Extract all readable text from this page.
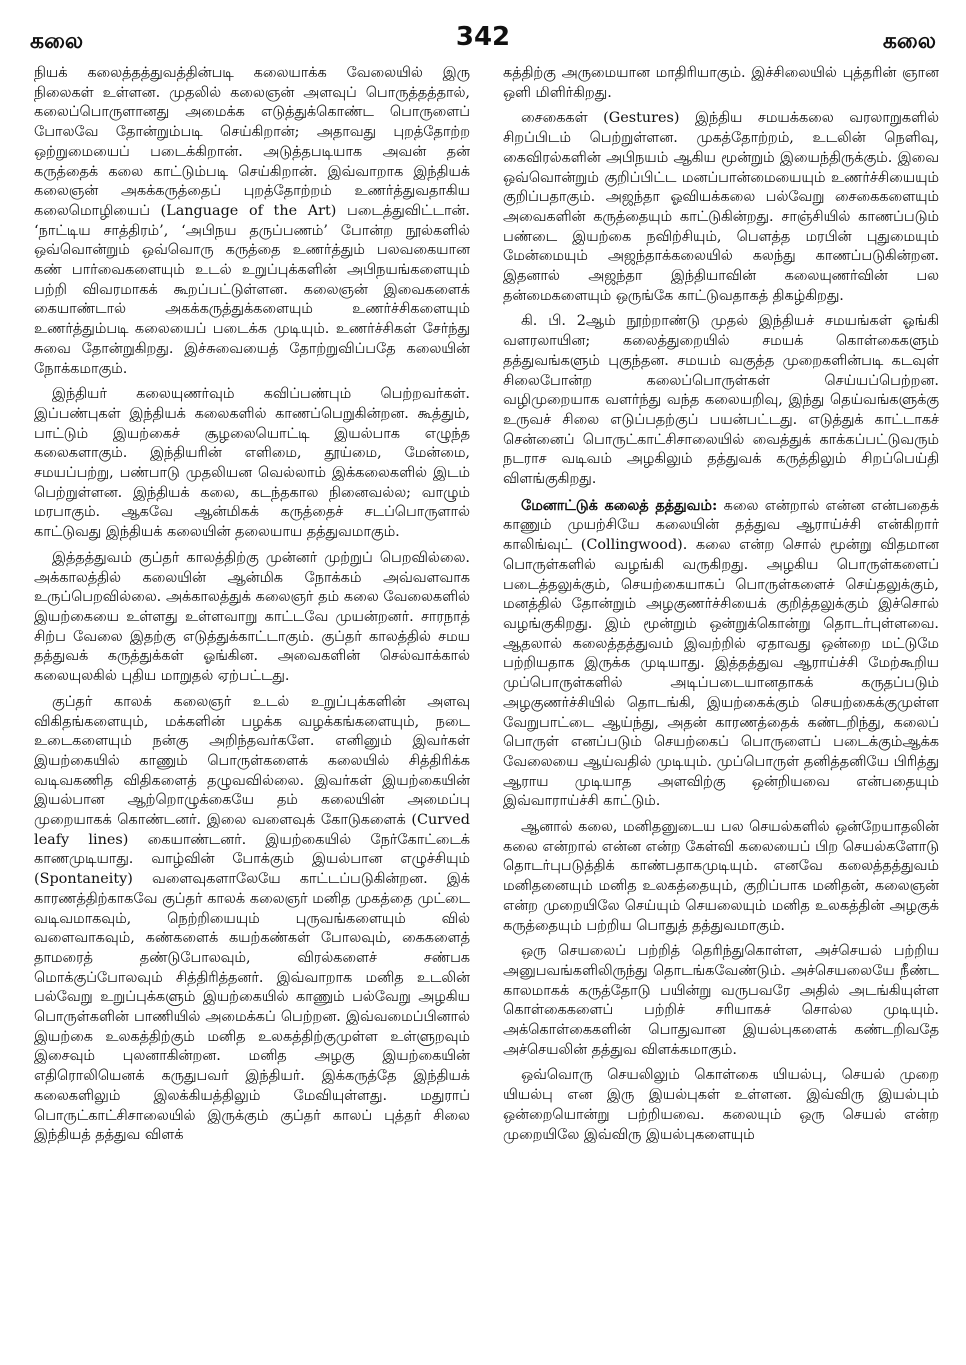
கலை	342	கலை

நியக் கலைத்தத்துவத்தின்படி கலையாக்க வேலையில் இரு நிலைகள் உள்ளன. முதலில் கலைஞன் அளவுப் பொருத்தத்தால், கலைப்பொருளானது அமைக்க எடுத்துக்கொண்ட பொருளைப் போலவே தோன்றும்படி செய்கிறான்; அதாவது புறத்தோற்ற ஒற்றுமையைப் படைக்கிறான். அடுத்தபடியாக அவன் தன் கருத்தைக் கலை காட்டும்படி செய்கிறான். இவ்வாறாக இந்தியக் கலைஞன் அகக்கருத்தைப் புறத்தோற்றம் உணர்த்துவதாகிய கலைமொழியைப் (Language of the Art) படைத்துவிட்டான். ‘நாட்டிய சாத்திரம்’, ‘அபிநய தருப்பணம்’ போன்ற நூல்களில் ஒவ்வொன்றும் ஒவ்வொரு கருத்தை உணர்த்தும் பலவகையான கண் பார்வைகளையும் உடல் உறுப்புக்களின் அபிநயங்களையும் பற்றி விவரமாகக் கூறப்பட்டுள்ளன. கலைஞன் இவைகளைக் கையாண்டால் அகக்கருத்துக்களையும் உணர்ச்சிகளையும் உணர்த்தும்படி கலையைப் படைக்க முடியும். உணர்ச்சிகள் சேர்ந்து சுவை தோன்றுகிறது. இச்சுவையைத் தோற்றுவிப்பதே கலையின் நோக்கமாகும்.

இந்தியர் கலையுணர்வும் கவிப்பண்பும் பெற்றவர்கள். இப்பண்புகள் இந்தியக் கலைகளில் காணப்பெறுகின்றன. கூத்தும், பாட்டும் இயற்கைச் சூழலையொட்டி இயல்பாக எழுந்த கலைகளாகும். இந்தியரின் எளிமை, தூய்மை, மேன்மை, சமயப்பற்று, பண்பாடு முதலியன வெல்லாம் இக்கலைகளில் இடம் பெற்றுள்ளன. இந்தியக் கலை, கடந்தகால நினைவல்ல; வாழும் மரபாகும். ஆகவே ஆன்மிகக் கருத்தைச் சடப்பொருளால் காட்டுவது இந்தியக் கலையின் தலையாய தத்துவமாகும்.

இத்தத்துவம் குப்தர் காலத்திற்கு முன்னர் முற்றுப் பெறவில்லை. அக்காலத்தில் கலையின் ஆன்மிக நோக்கம் அவ்வளவாக உருப்பெறவில்லை. அக்காலத்துக் கலைஞர் தம் கலை வேலைகளில் இயற்கையை உள்ளது உள்ளவாறு காட்டவே முயன்றனர். சாரநாத் சிற்ப வேலை இதற்கு எடுத்துக்காட்டாகும். குப்தர் காலத்தில் சமய தத்துவக் கருத்துக்கள் ஓங்கின. அவைகளின் செல்வாக்கால் கலையுலகில் புதிய மாறுதல் ஏற்பட்டது.

குப்தர் காலக் கலைஞர் உடல் உறுப்புக்களின் அளவு விகிதங்களையும், மக்களின் பழக்க வழக்கங்களையும், நடை உடைகளையும் நன்கு அறிந்தவர்களே. எனினும் இவர்கள் இயற்கையில் காணும் பொருள்களைக் கலையில் சித்திரிக்க வடிவகணித விதிகளைத் தழுவவில்லை. இவர்கள் இயற்கையின் இயல்பான ஆற்றொழுக்கையே தம் கலையின் அமைப்பு முறையாகக் கொண்டனர். இலை வளைவுக் கோடுகளைக் (Curved leafy lines) கையாண்டனர். இயற்கையில் நேர்கோட்டைக் காணமுடியாது. வாழ்வின் போக்கும் இயல்பான எழுச்சியும் (Spontaneity) வளைவுகளாலேயே காட்டப்படுகின்றன. இக் காரணத்திற்காகவே குப்தர் காலக் கலைஞர் மனித முகத்தை முட்டை வடிவமாகவும், நெற்றியையும் புருவங்களையும் வில் வளைவாகவும், கண்களைக் கயற்கண்கள் போலவும், கைகளைத் தாமரைத் தண்டுபோலவும், விரல்களைச் சண்பக மொக்குப்போலவும் சித்திரித்தனர். இவ்வாறாக மனித உடலின் பல்வேறு உறுப்புக்களும் இயற்கையில் காணும் பல்வேறு அழகிய பொருள்களின் பாணியில் அமைக்கப் பெற்றன. இவ்வமைப்பினால் இயற்கை உலகத்திற்கும் மனித உலகத்திற்குமுள்ள உள்ளுறவும் இசைவும் புலனாகின்றன. மனித அழகு இயற்கையின் எதிரொலியெனக் கருதுபவர் இந்தியர். இக்கருத்தே இந்தியக் கலைகளிலும் இலக்கியத்திலும் மேவியுள்ளது. மதுராப் பொருட்காட்சிசாலையில் இருக்கும் குப்தர் காலப் புத்தர் சிலை இந்தியத் தத்துவ விளக்

கத்திற்கு அருமையான மாதிரியாகும். இச்சிலையில் புத்தரின் ஞான ஒளி மிளிர்கிறது.

சைகைகள் (Gestures) இந்திய சமயக்கலை வரலாறுகளில் சிறப்பிடம் பெற்றுள்ளன. முகத்தோற்றம், உடலின் நெளிவு, கைவிரல்களின் அபிநயம் ஆகிய மூன்றும் இயைந்திருக்கும். இவை ஒவ்வொன்றும் குறிப்பிட்ட மனப்பான்மையையும் உணர்ச்சியையும் குறிப்பதாகும். அஜந்தா ஓவியக்கலை பல்வேறு சைகைகளையும் அவைகளின் கருத்தையும் காட்டுகின்றது. சாஞ்சியில் காணப்படும் பண்டை இயற்கை நவிற்சியும், பௌத்த மரபின் புதுமையும் மேன்மையும் அஜந்தாக்கலையில் கலந்து காணப்படுகின்றன. இதனால் அஜந்தா இந்தியாவின் கலையுணர்வின் பல தன்மைகளையும் ஒருங்கே காட்டுவதாகத் திகழ்கிறது.

கி. பி. 2ஆம் நூற்றாண்டு முதல் இந்தியச் சமயங்கள் ஓங்கி வளரலாயின; கலைத்துறையில் சமயக் கொள்கைகளும் தத்துவங்களும் புகுந்தன. சமயம் வகுத்த முறைகளின்படி கடவுள் சிலைபோன்ற கலைப்பொருள்கள் செய்யப்பெற்றன. வழிமுறையாக வளர்ந்து வந்த கலையறிவு, இந்து தெய்வங்களுக்கு உருவச் சிலை எடுப்பதற்குப் பயன்பட்டது. எடுத்துக் காட்டாகச் சென்னைப் பொருட்காட்சிசாலையில் வைத்துக் காக்கப்பட்டுவரும் நடராச வடிவம் அழகிலும் தத்துவக் கருத்திலும் சிறப்பெய்தி விளங்குகிறது.

மேனாட்டுக் கலைத் தத்துவம்: கலை என்றால் என்ன என்பதைக் காணும் முயற்சியே கலையின் தத்துவ ஆராய்ச்சி என்கிறார் காலிங்வுட் (Collingwood). கலை என்ற சொல் மூன்று விதமான பொருள்களில் வழங்கி வருகிறது. அழகிய பொருள்களைப் படைத்தலுக்கும், செயற்கையாகப் பொருள்களைச் செய்தலுக்கும், மனத்தில் தோன்றும் அழகுணர்ச்சியைக் குறித்தலுக்கும் இச்சொல் வழங்குகிறது. இம் மூன்றும் ஒன்றுக்கொன்று தொடர்புள்ளவை. ஆதலால் கலைத்தத்துவம் இவற்றில் ஏதாவது ஒன்றை மட்டுமே பற்றியதாக இருக்க முடியாது. இத்தத்துவ ஆராய்ச்சி மேற்கூறிய முப்பொருள்களில் அடிப்படையானதாகக் கருதப்படும் அழகுணர்ச்சியில் தொடங்கி, இயற்கைக்கும் செயற்கைக்குமுள்ள வேறுபாட்டை ஆய்ந்து, அதன் காரணத்தைக் கண்டறிந்து, கலைப் பொருள் எனப்படும் செயற்கைப் பொருளைப் படைக்கும்ஆக்க வேலையை ஆய்வதில் முடியும். முப்பொருள் தனித்தனியே பிரித்து ஆராய முடியாத அளவிற்கு ஒன்றியவை என்பதையும் இவ்வாராய்ச்சி காட்டும்.

ஆனால் கலை, மனிதனுடைய பல செயல்களில் ஒன்றேயாதலின் கலை என்றால் என்ன என்ற கேள்வி கலையைப் பிற செயல்களோடு தொடர்புபடுத்திக் காண்பதாகமுடியும். எனவே கலைத்தத்துவம் மனிதனையும் மனித உலகத்தையும், குறிப்பாக மனிதன், கலைஞன் என்ற முறையிலே செய்யும் செயலையும் மனித உலகத்தின் அழகுக் கருத்தையும் பற்றிய பொதுத் தத்துவமாகும்.

ஒரு செயலைப் பற்றித் தெரிந்துகொள்ள, அச்செயல் பற்றிய அனுபவங்களிலிருந்து தொடங்கவேண்டும். அச்செயலையே நீண்ட காலமாகக் கருத்தோடு பயின்று வருபவரே அதில் அடங்கியுள்ள கொள்கைகளைப் பற்றிச் சரியாகச் சொல்ல முடியும். அக்கொள்கைகளின் பொதுவான இயல்புகளைக் கண்டறிவதே அச்செயலின் தத்துவ விளக்கமாகும்.

ஒவ்வொரு செயலிலும் கொள்கை யியல்பு, செயல் முறை யியல்பு என இரு இயல்புகள் உள்ளன. இவ்விரு இயல்பும் ஒன்றையொன்று பற்றியவை. கலையும் ஒரு செயல் என்ற முறையிலே இவ்விரு இயல்புகளையும்
